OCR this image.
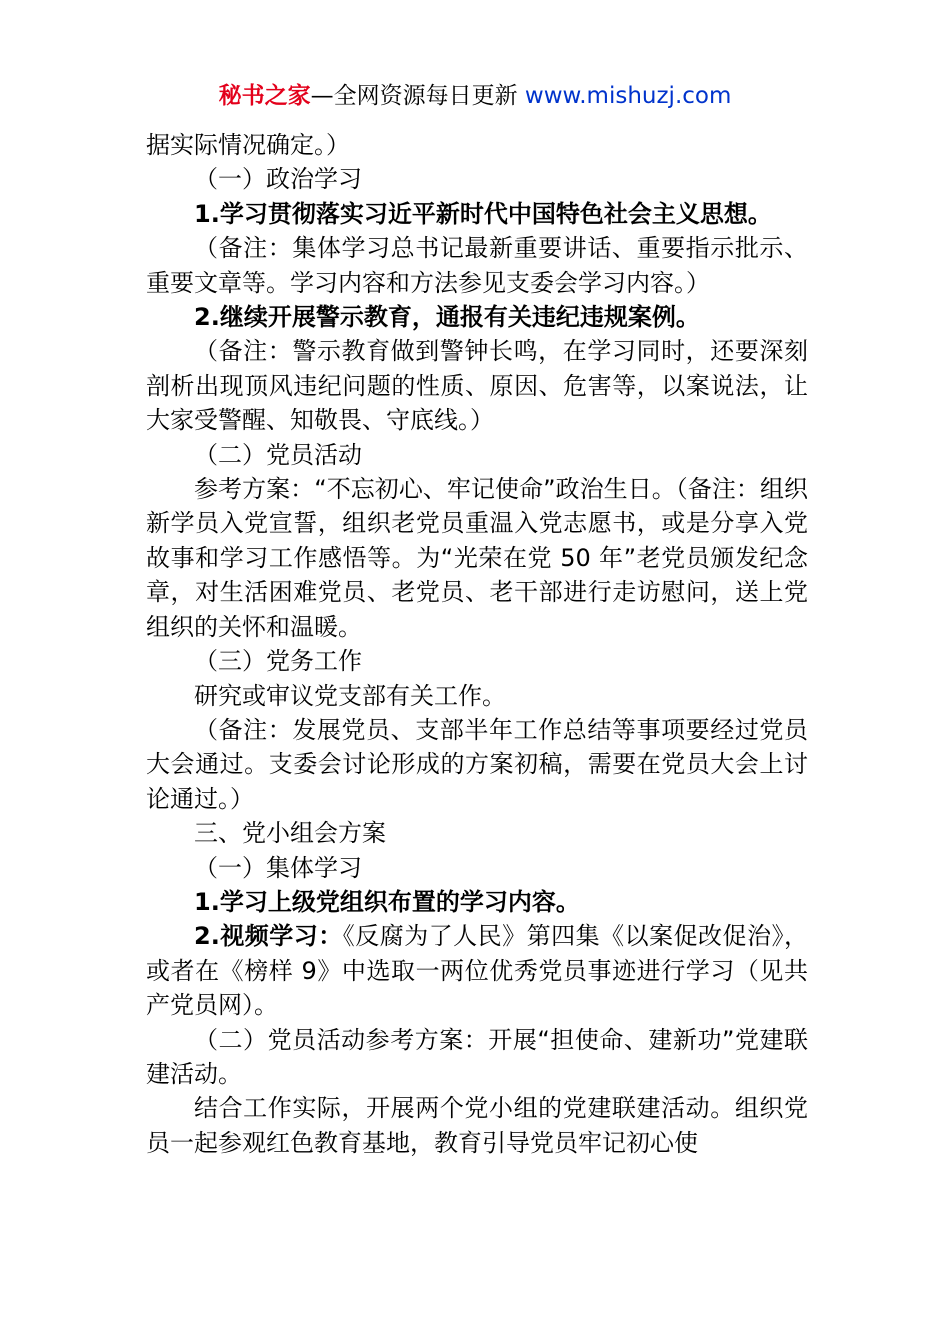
秘书之家—全网资源每日更新 www.mishuzj.com

据实际情况确定。）

（一）政治学习

1.学习贯彻落实习近平新时代中国特色社会主义思想。

（备注：集体学习总书记最新重要讲话、重要指示批示、重要文章等。学习内容和方法参见支委会学习内容。）

2.继续开展警示教育，通报有关违纪违规案例。

（备注：警示教育做到警钟长鸣，在学习同时，还要深刻剖析出现顶风违纪问题的性质、原因、危害等，以案说法，让大家受警醒、知敬畏、守底线。）

（二）党员活动

参考方案：“不忘初心、牢记使命”政治生日。（备注：组织新学员入党宣誓，组织老党员重温入党志愿书，或是分享入党故事和学习工作感悟等。为“光荣在党 50 年”老党员颁发纪念章，对生活困难党员、老党员、老干部进行走访慰问，送上党组织的关怀和温暖。

（三）党务工作

研究或审议党支部有关工作。

（备注：发展党员、支部半年工作总结等事项要经过党员大会通过。支委会讨论形成的方案初稿，需要在党员大会上讨论通过。）

三、党小组会方案

（一）集体学习

1.学习上级党组织布置的学习内容。

2.视频学习：《反腐为了人民》第四集《以案促改促治》，或者在《榜样 9》中选取一两位优秀党员事迹进行学习（见共产党员网）。

（二）党员活动参考方案：开展“担使命、建新功”党建联建活动。

结合工作实际，开展两个党小组的党建联建活动。组织党员一起参观红色教育基地，教育引导党员牢记初心使
